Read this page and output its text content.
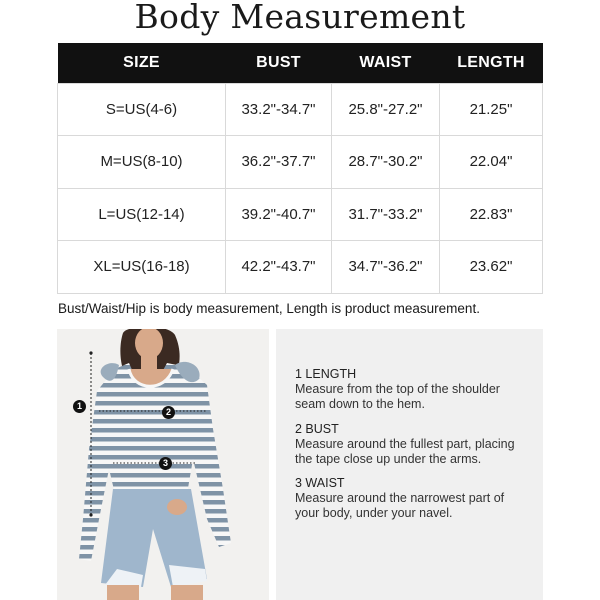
Body Measurement
SIZE	BUST	WAIST	LENGTH
S=US(4-6)	33.2"-34.7"	25.8"-27.2"	21.25"
M=US(8-10)	36.2"-37.7"	28.7"-30.2"	22.04"
L=US(12-14)	39.2"-40.7"	31.7"-33.2"	22.83"
XL=US(16-18)	42.2"-43.7"	34.7"-36.2"	23.62"
Bust/Waist/Hip is body measurement, Length is product measurement.
1
2
3
1 LENGTH
Measure from the top of the shoulder
seam down to the hem.
2 BUST
Measure around the fullest part, placing
the tape close up under the arms.
3 WAIST
Measure around the narrowest part of
your body, under your navel.
